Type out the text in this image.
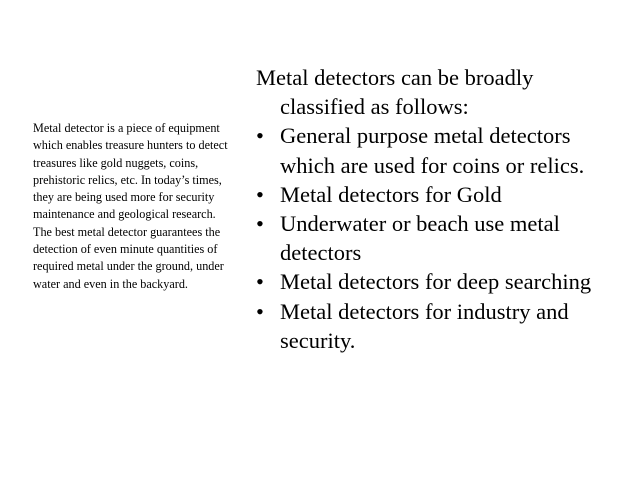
Metal detector is a piece of equipment which enables treasure hunters to detect treasures like gold nuggets, coins, prehistoric relics, etc. In today’s times, they are being used more for security maintenance and geological research. The best metal detector guarantees the detection of even minute quantities of required metal under the ground, under water and even in the backyard.

Metal detectors can be broadly classified as follows:

• General purpose metal detectors which are used for coins or relics.
• Metal detectors for Gold
• Underwater or beach use metal detectors
• Metal detectors for deep searching
• Metal detectors for industry and security.
